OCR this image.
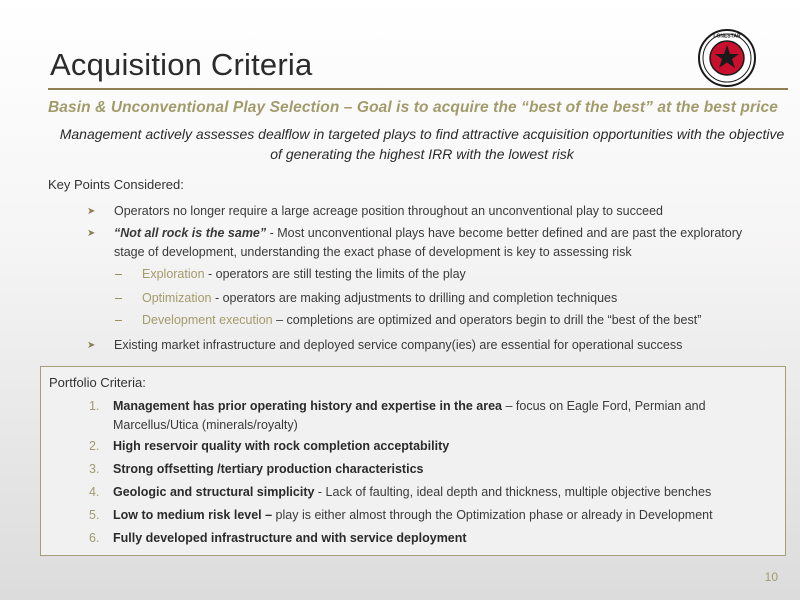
Acquisition Criteria
LONESTAR
Basin & Unconventional Play Selection – Goal is to acquire the “best of the best” at the best price
Management actively assesses dealflow in targeted plays to find attractive acquisition opportunities with the objective of generating the highest IRR with the lowest risk
Key Points Considered:
➤ Operators no longer require a large acreage position throughout an unconventional play to succeed
➤ “Not all rock is the same” - Most unconventional plays have become better defined and are past the exploratory stage of development, understanding the exact phase of development is key to assessing risk
– Exploration - operators are still testing the limits of the play
– Optimization - operators are making adjustments to drilling and completion techniques
– Development execution – completions are optimized and operators begin to drill the “best of the best”
➤ Existing market infrastructure and deployed service company(ies) are essential for operational success
Portfolio Criteria:
1. Management has prior operating history and expertise in the area – focus on Eagle Ford, Permian and Marcellus/Utica (minerals/royalty)
2. High reservoir quality with rock completion acceptability
3. Strong offsetting /tertiary production characteristics
4. Geologic and structural simplicity - Lack of faulting, ideal depth and thickness, multiple objective benches
5. Low to medium risk level – play is either almost through the Optimization phase or already in Development
6. Fully developed infrastructure and with service deployment
10
